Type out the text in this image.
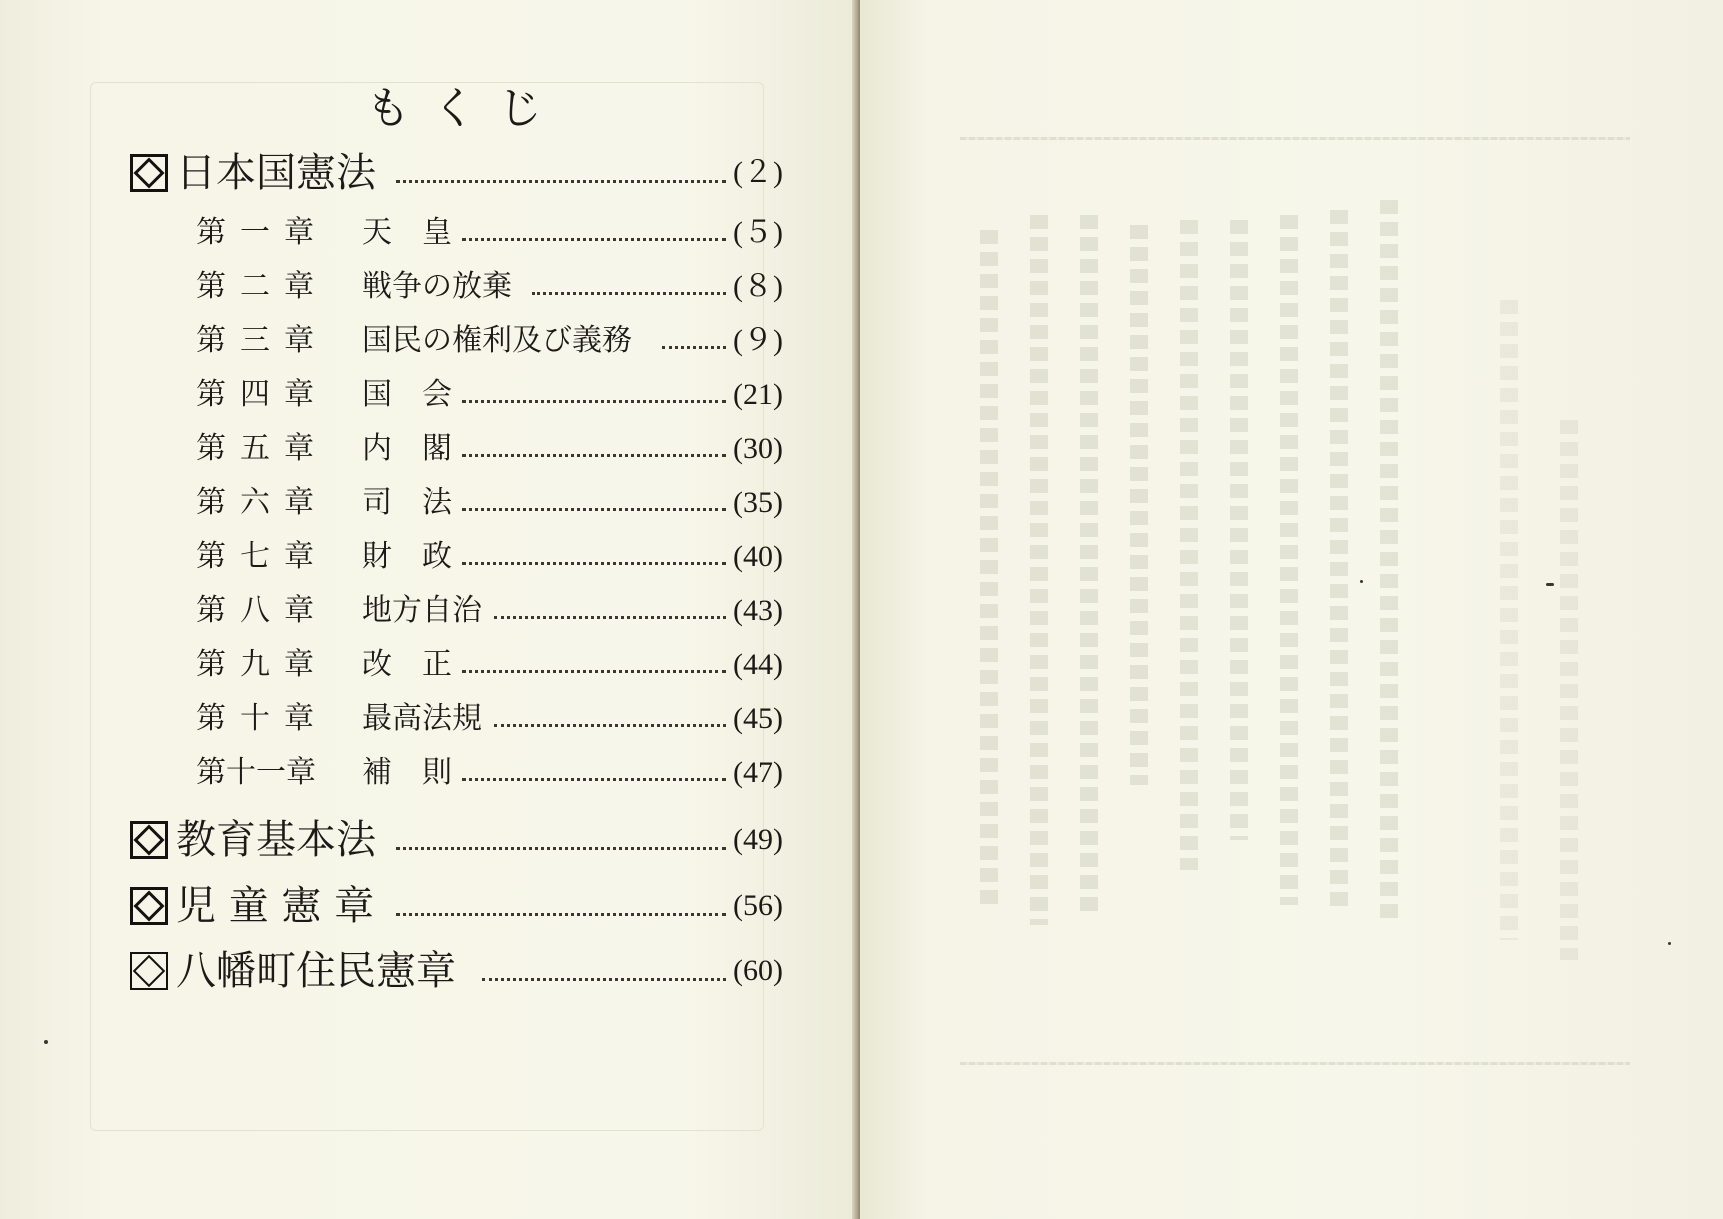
もくじ
日本国憲法	(２)
第一章 天　皇	(５)
第二章 戦争の放棄	(８)
第三章 国民の権利及び義務	(９)
第四章 国　会	(21)
第五章 内　閣	(30)
第六章 司　法	(35)
第七章 財　政	(40)
第八章 地方自治	(43)
第九章 改　正	(44)
第十章 最高法規	(45)
第十一章 補　則	(47)
教育基本法	(49)
児 童 憲 章	(56)
八幡町住民憲章	(60)
